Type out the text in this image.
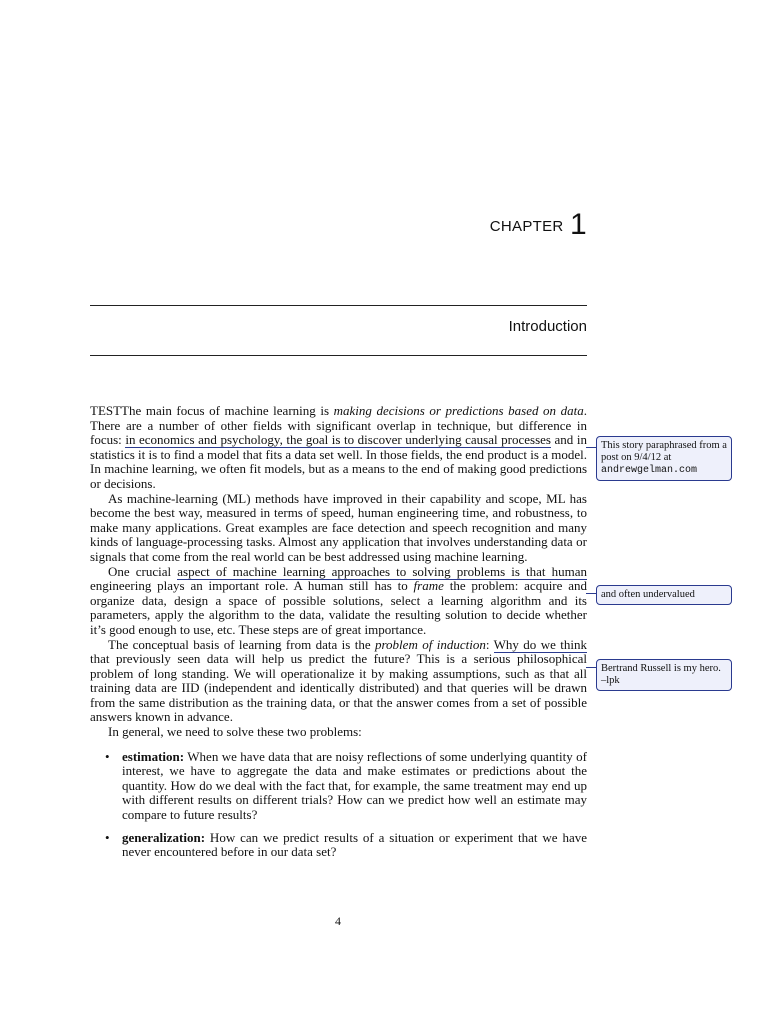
CHAPTER 1
Introduction

TESTThe main focus of machine learning is making decisions or predictions based on data. There are a number of other fields with significant overlap in technique, but difference in focus: in economics and psychology, the goal is to discover underlying causal processes and in statistics it is to find a model that fits a data set well. In those fields, the end product is a model. In machine learning, we often fit models, but as a means to the end of making good predictions or decisions.

As machine-learning (ML) methods have improved in their capability and scope, ML has become the best way, measured in terms of speed, human engineering time, and robustness, to make many applications. Great examples are face detection and speech recognition and many kinds of language-processing tasks. Almost any application that involves understanding data or signals that come from the real world can be best addressed using machine learning.

One crucial aspect of machine learning approaches to solving problems is that human engineering plays an important role. A human still has to frame the problem: acquire and organize data, design a space of possible solutions, select a learning algorithm and its parameters, apply the algorithm to the data, validate the resulting solution to decide whether it’s good enough to use, etc. These steps are of great importance.

The conceptual basis of learning from data is the problem of induction: Why do we think that previously seen data will help us predict the future? This is a serious philosophical problem of long standing. We will operationalize it by making assumptions, such as that all training data are IID (independent and identically distributed) and that queries will be drawn from the same distribution as the training data, or that the answer comes from a set of possible answers known in advance.

In general, we need to solve these two problems:

• estimation: When we have data that are noisy reflections of some underlying quantity of interest, we have to aggregate the data and make estimates or predictions about the quantity. How do we deal with the fact that, for example, the same treatment may end up with different results on different trials? How can we predict how well an estimate may compare to future results?
• generalization: How can we predict results of a situation or experiment that we have never encountered before in our data set?
This story paraphrased from a post on 9/4/12 at andrewgelman.com
and often undervalued
Bertrand Russell is my hero. –lpk
4
